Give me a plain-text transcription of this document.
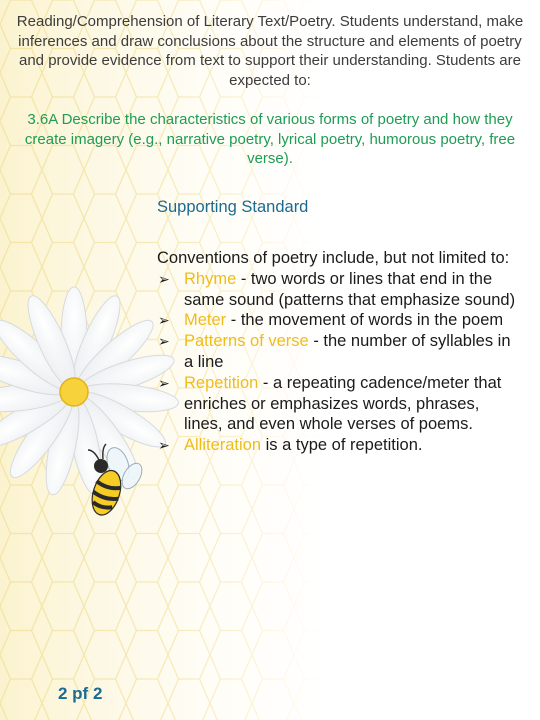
Reading/Comprehension of Literary Text/Poetry. Students understand, make inferences and draw conclusions about the structure and elements of poetry and provide evidence from text to support their understanding. Students are expected to:
3.6A Describe the characteristics of various forms of poetry and how they create imagery (e.g., narrative poetry, lyrical poetry, humorous poetry, free verse).
Supporting Standard

Conventions of poetry include, but not limited to:

➢ Rhyme - two words or lines that end in the same sound (patterns that emphasize sound)
➢ Meter - the movement of words in the poem
➢ Patterns of verse - the number of syllables in a line
➢ Repetition - a repeating cadence/meter that enriches or emphasizes words, phrases, lines, and even whole verses of poems.
➢ Alliteration is a type of repetition.
2 pf 2
